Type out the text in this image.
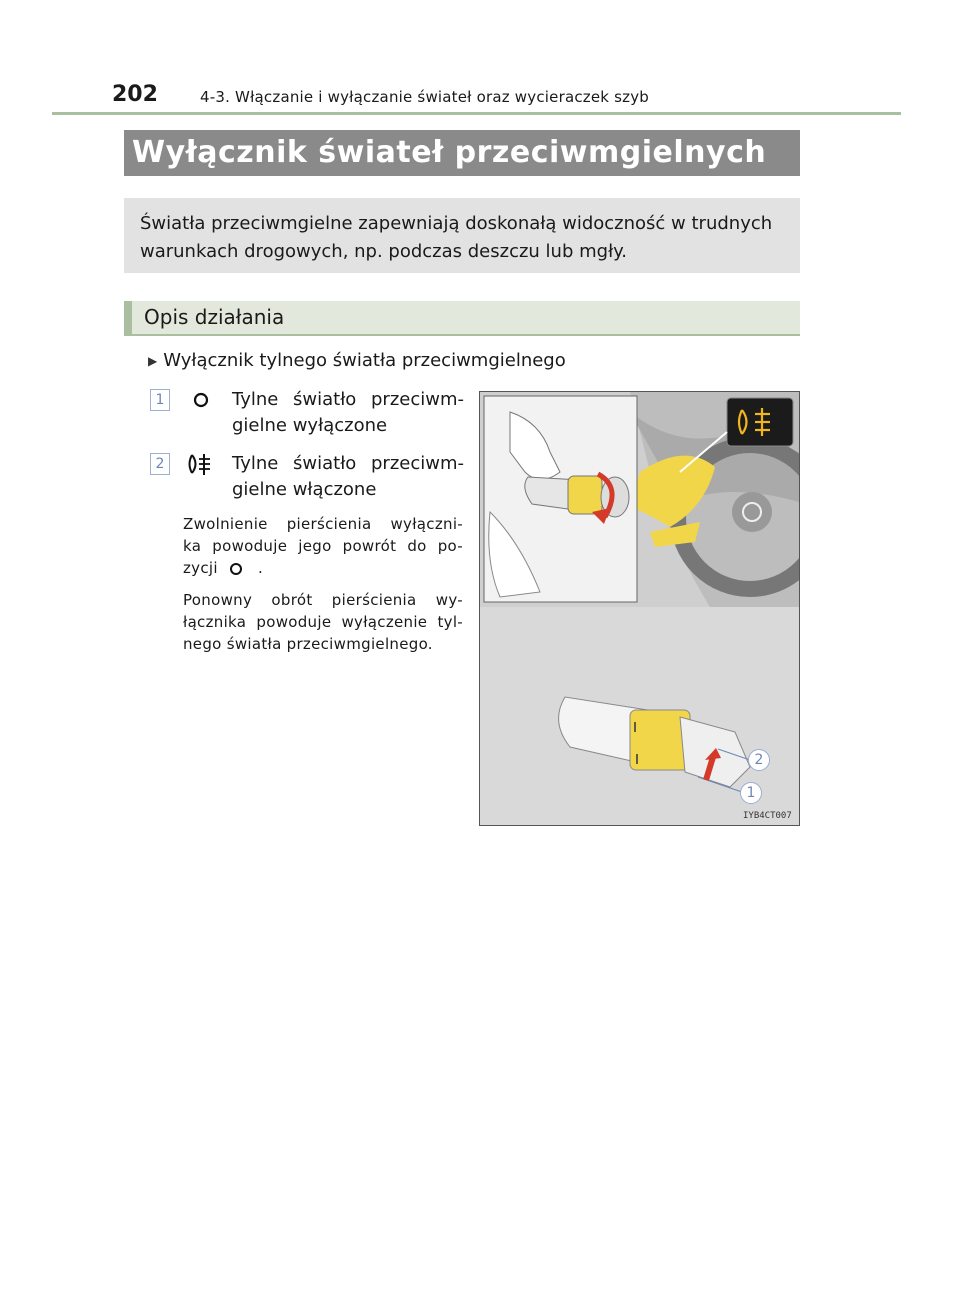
202	4-3. Włączanie i wyłączanie świateł oraz wycieraczek szyb
Wyłącznik świateł przeciwmgielnych
Światła przeciwmgielne zapewniają doskonałą widoczność w trudnych
warunkach drogowych, np. podczas deszczu lub mgły.
Opis działania
▶ Wyłącznik tylnego światła przeciwmgielnego
1	Tylne światło przeciwm-
gielne wyłączone
2	Tylne światło przeciwm-
gielne włączone
Zwolnienie pierścienia wyłączni-
ka powoduje jego powrót do po-
zycji	.
Ponowny obrót pierścienia wy-
łącznika powoduje wyłączenie tyl-
nego światła przeciwmgielnego.
2
1
IYB4CT007
